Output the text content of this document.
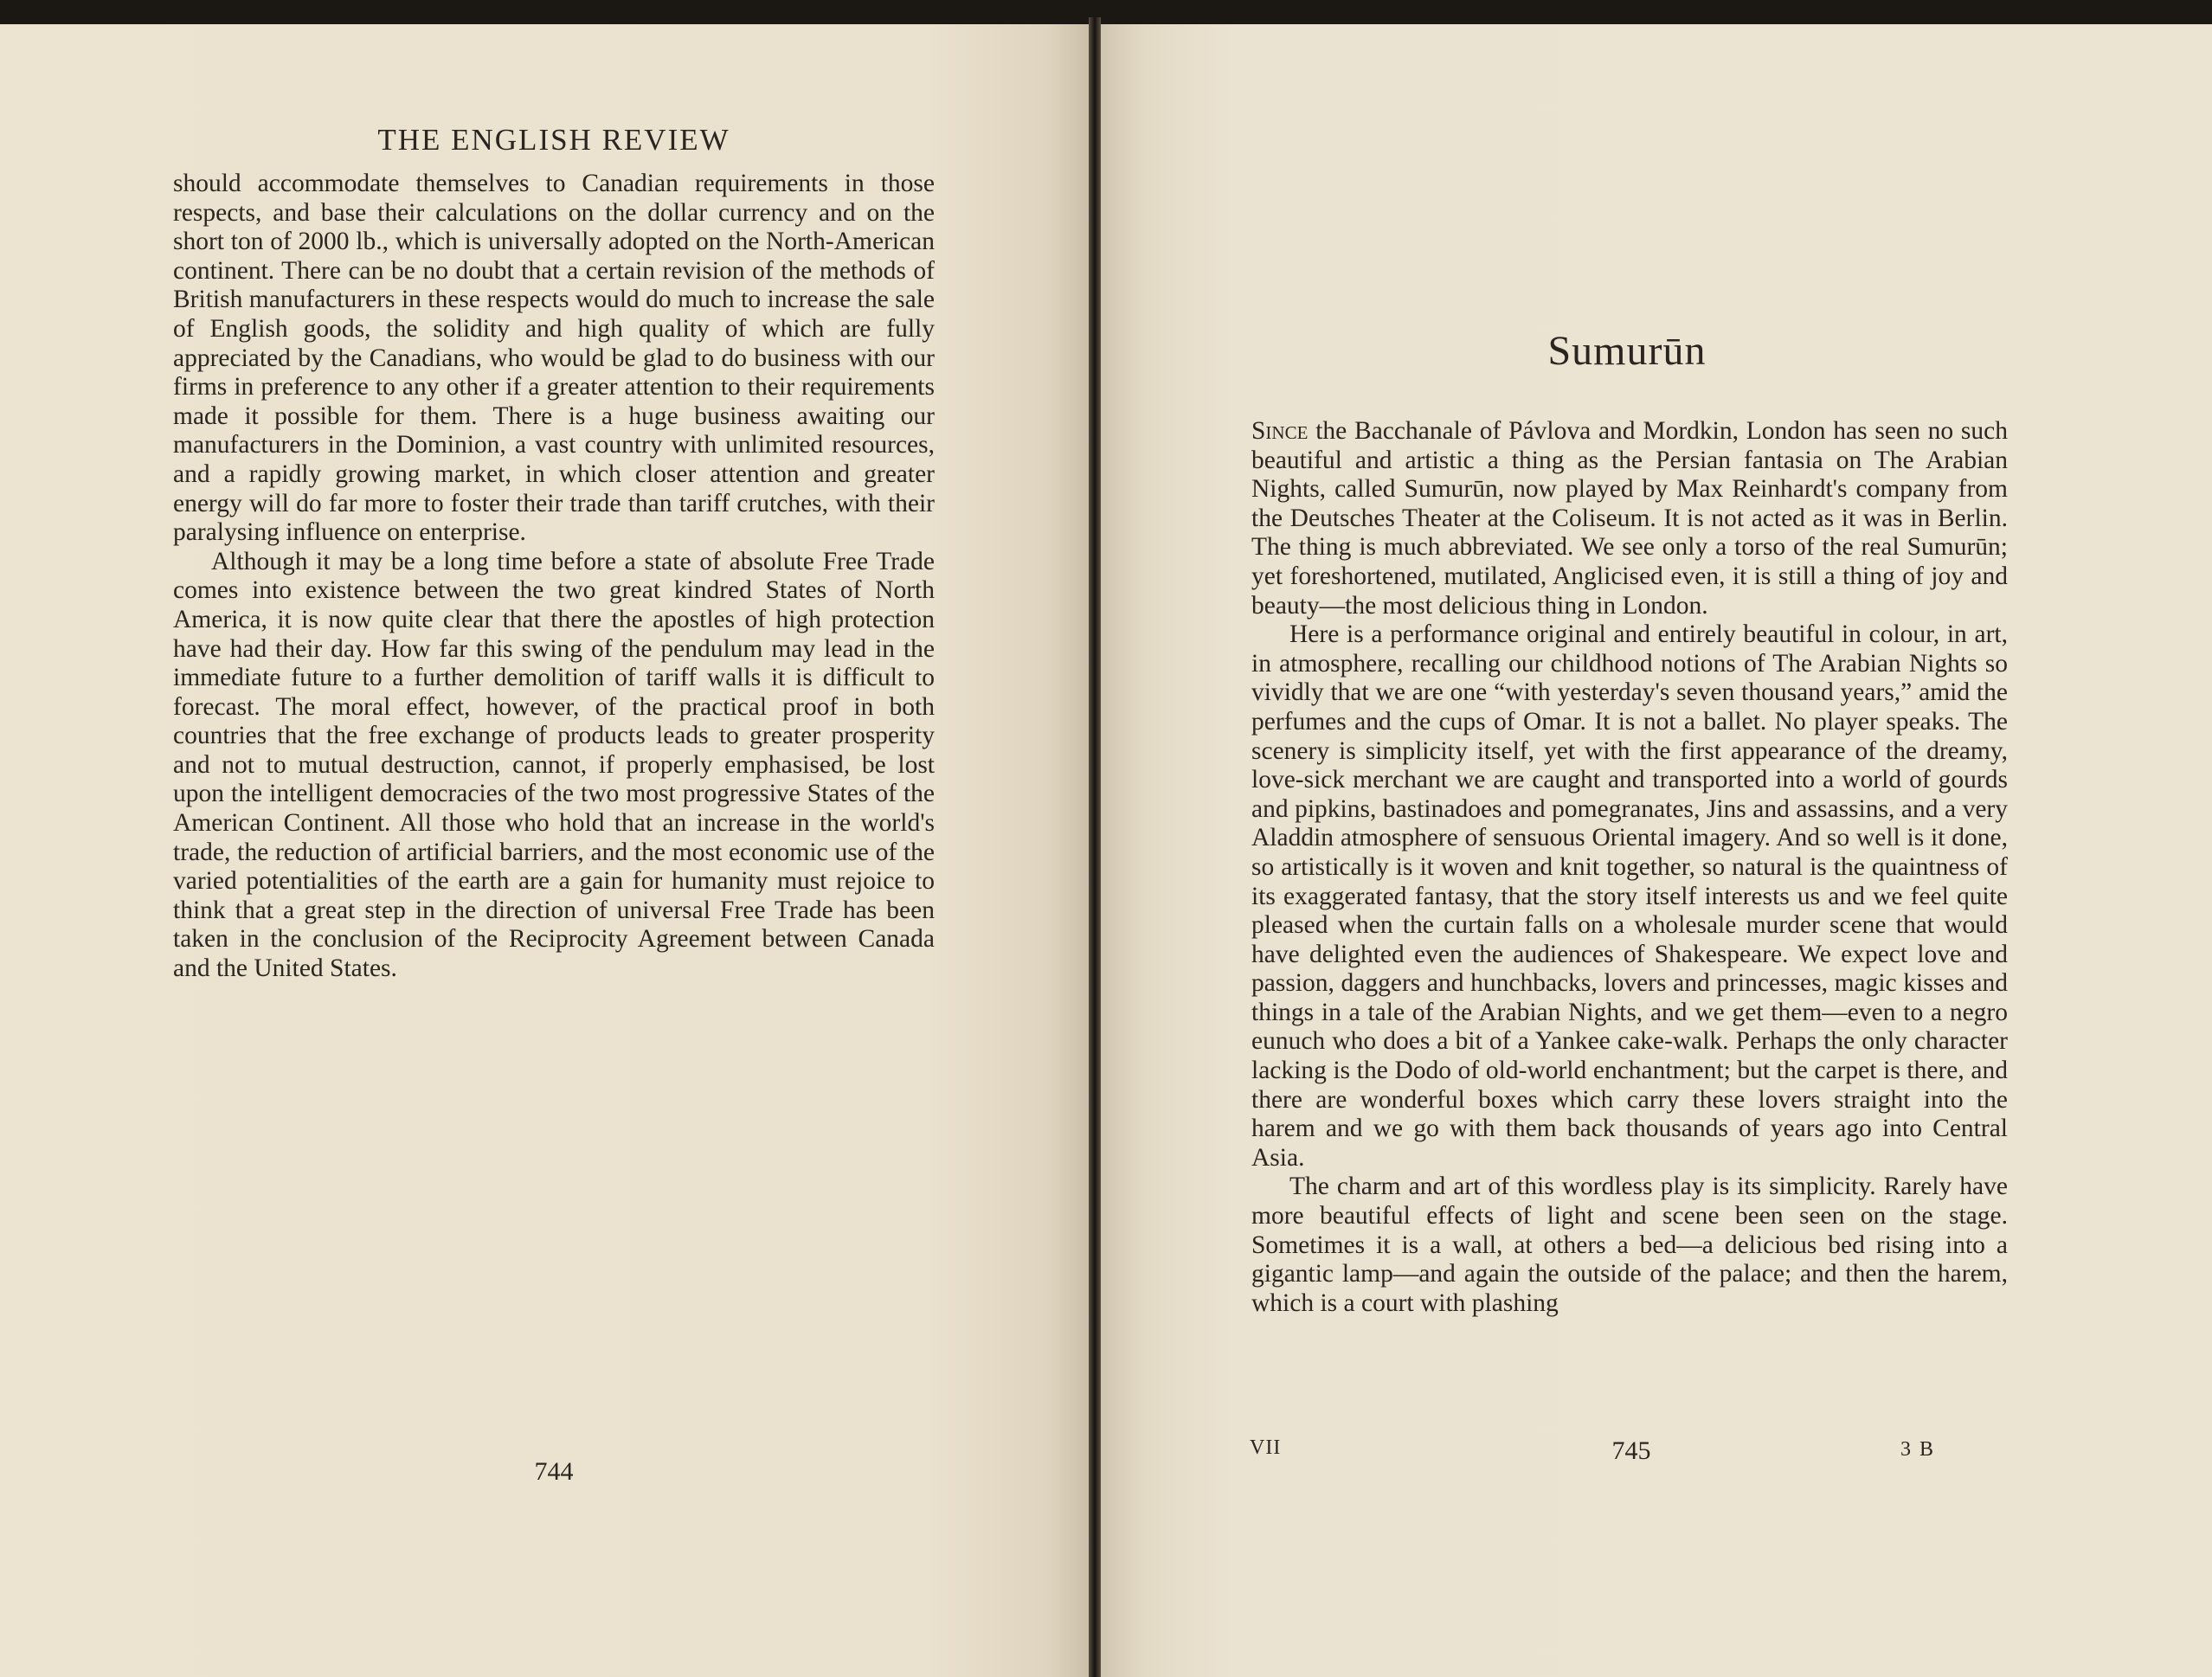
THE ENGLISH REVIEW

should accommodate themselves to Canadian requirements in those respects, and base their calculations on the dollar currency and on the short ton of 2000 lb., which is universally adopted on the North-American continent. There can be no doubt that a certain revision of the methods of British manufacturers in these respects would do much to increase the sale of English goods, the solidity and high quality of which are fully appreciated by the Canadians, who would be glad to do business with our firms in preference to any other if a greater attention to their requirements made it possible for them. There is a huge business awaiting our manufacturers in the Dominion, a vast country with unlimited resources, and a rapidly growing market, in which closer attention and greater energy will do far more to foster their trade than tariff crutches, with their paralysing influence on enterprise.

Although it may be a long time before a state of absolute Free Trade comes into existence between the two great kindred States of North America, it is now quite clear that there the apostles of high protection have had their day. How far this swing of the pendulum may lead in the immediate future to a further demolition of tariff walls it is difficult to forecast. The moral effect, however, of the practical proof in both countries that the free exchange of products leads to greater prosperity and not to mutual destruction, cannot, if properly emphasised, be lost upon the intelligent democracies of the two most progressive States of the American Continent. All those who hold that an increase in the world's trade, the reduction of artificial barriers, and the most economic use of the varied potentialities of the earth are a gain for humanity must rejoice to think that a great step in the direction of universal Free Trade has been taken in the conclusion of the Reciprocity Agreement between Canada and the United States.

744
Sumurūn

Since the Bacchanale of Pávlova and Mordkin, London has seen no such beautiful and artistic a thing as the Persian fantasia on The Arabian Nights, called Sumurūn, now played by Max Reinhardt's company from the Deutsches Theater at the Coliseum. It is not acted as it was in Berlin. The thing is much abbreviated. We see only a torso of the real Sumurūn; yet foreshortened, mutilated, Anglicised even, it is still a thing of joy and beauty—the most delicious thing in London.

Here is a performance original and entirely beautiful in colour, in art, in atmosphere, recalling our childhood notions of The Arabian Nights so vividly that we are one “with yesterday's seven thousand years,” amid the perfumes and the cups of Omar. It is not a ballet. No player speaks. The scenery is simplicity itself, yet with the first appearance of the dreamy, love-sick merchant we are caught and transported into a world of gourds and pipkins, bastinadoes and pomegranates, Jins and assassins, and a very Aladdin atmosphere of sensuous Oriental imagery. And so well is it done, so artistically is it woven and knit together, so natural is the quaintness of its exaggerated fantasy, that the story itself interests us and we feel quite pleased when the curtain falls on a wholesale murder scene that would have delighted even the audiences of Shakespeare. We expect love and passion, daggers and hunchbacks, lovers and princesses, magic kisses and things in a tale of the Arabian Nights, and we get them—even to a negro eunuch who does a bit of a Yankee cake-walk. Perhaps the only character lacking is the Dodo of old-world enchantment; but the carpet is there, and there are wonderful boxes which carry these lovers straight into the harem and we go with them back thousands of years ago into Central Asia.

The charm and art of this wordless play is its simplicity. Rarely have more beautiful effects of light and scene been seen on the stage. Sometimes it is a wall, at others a bed—a delicious bed rising into a gigantic lamp—and again the outside of the palace; and then the harem, which is a court with plashing

VII	745	3 B
